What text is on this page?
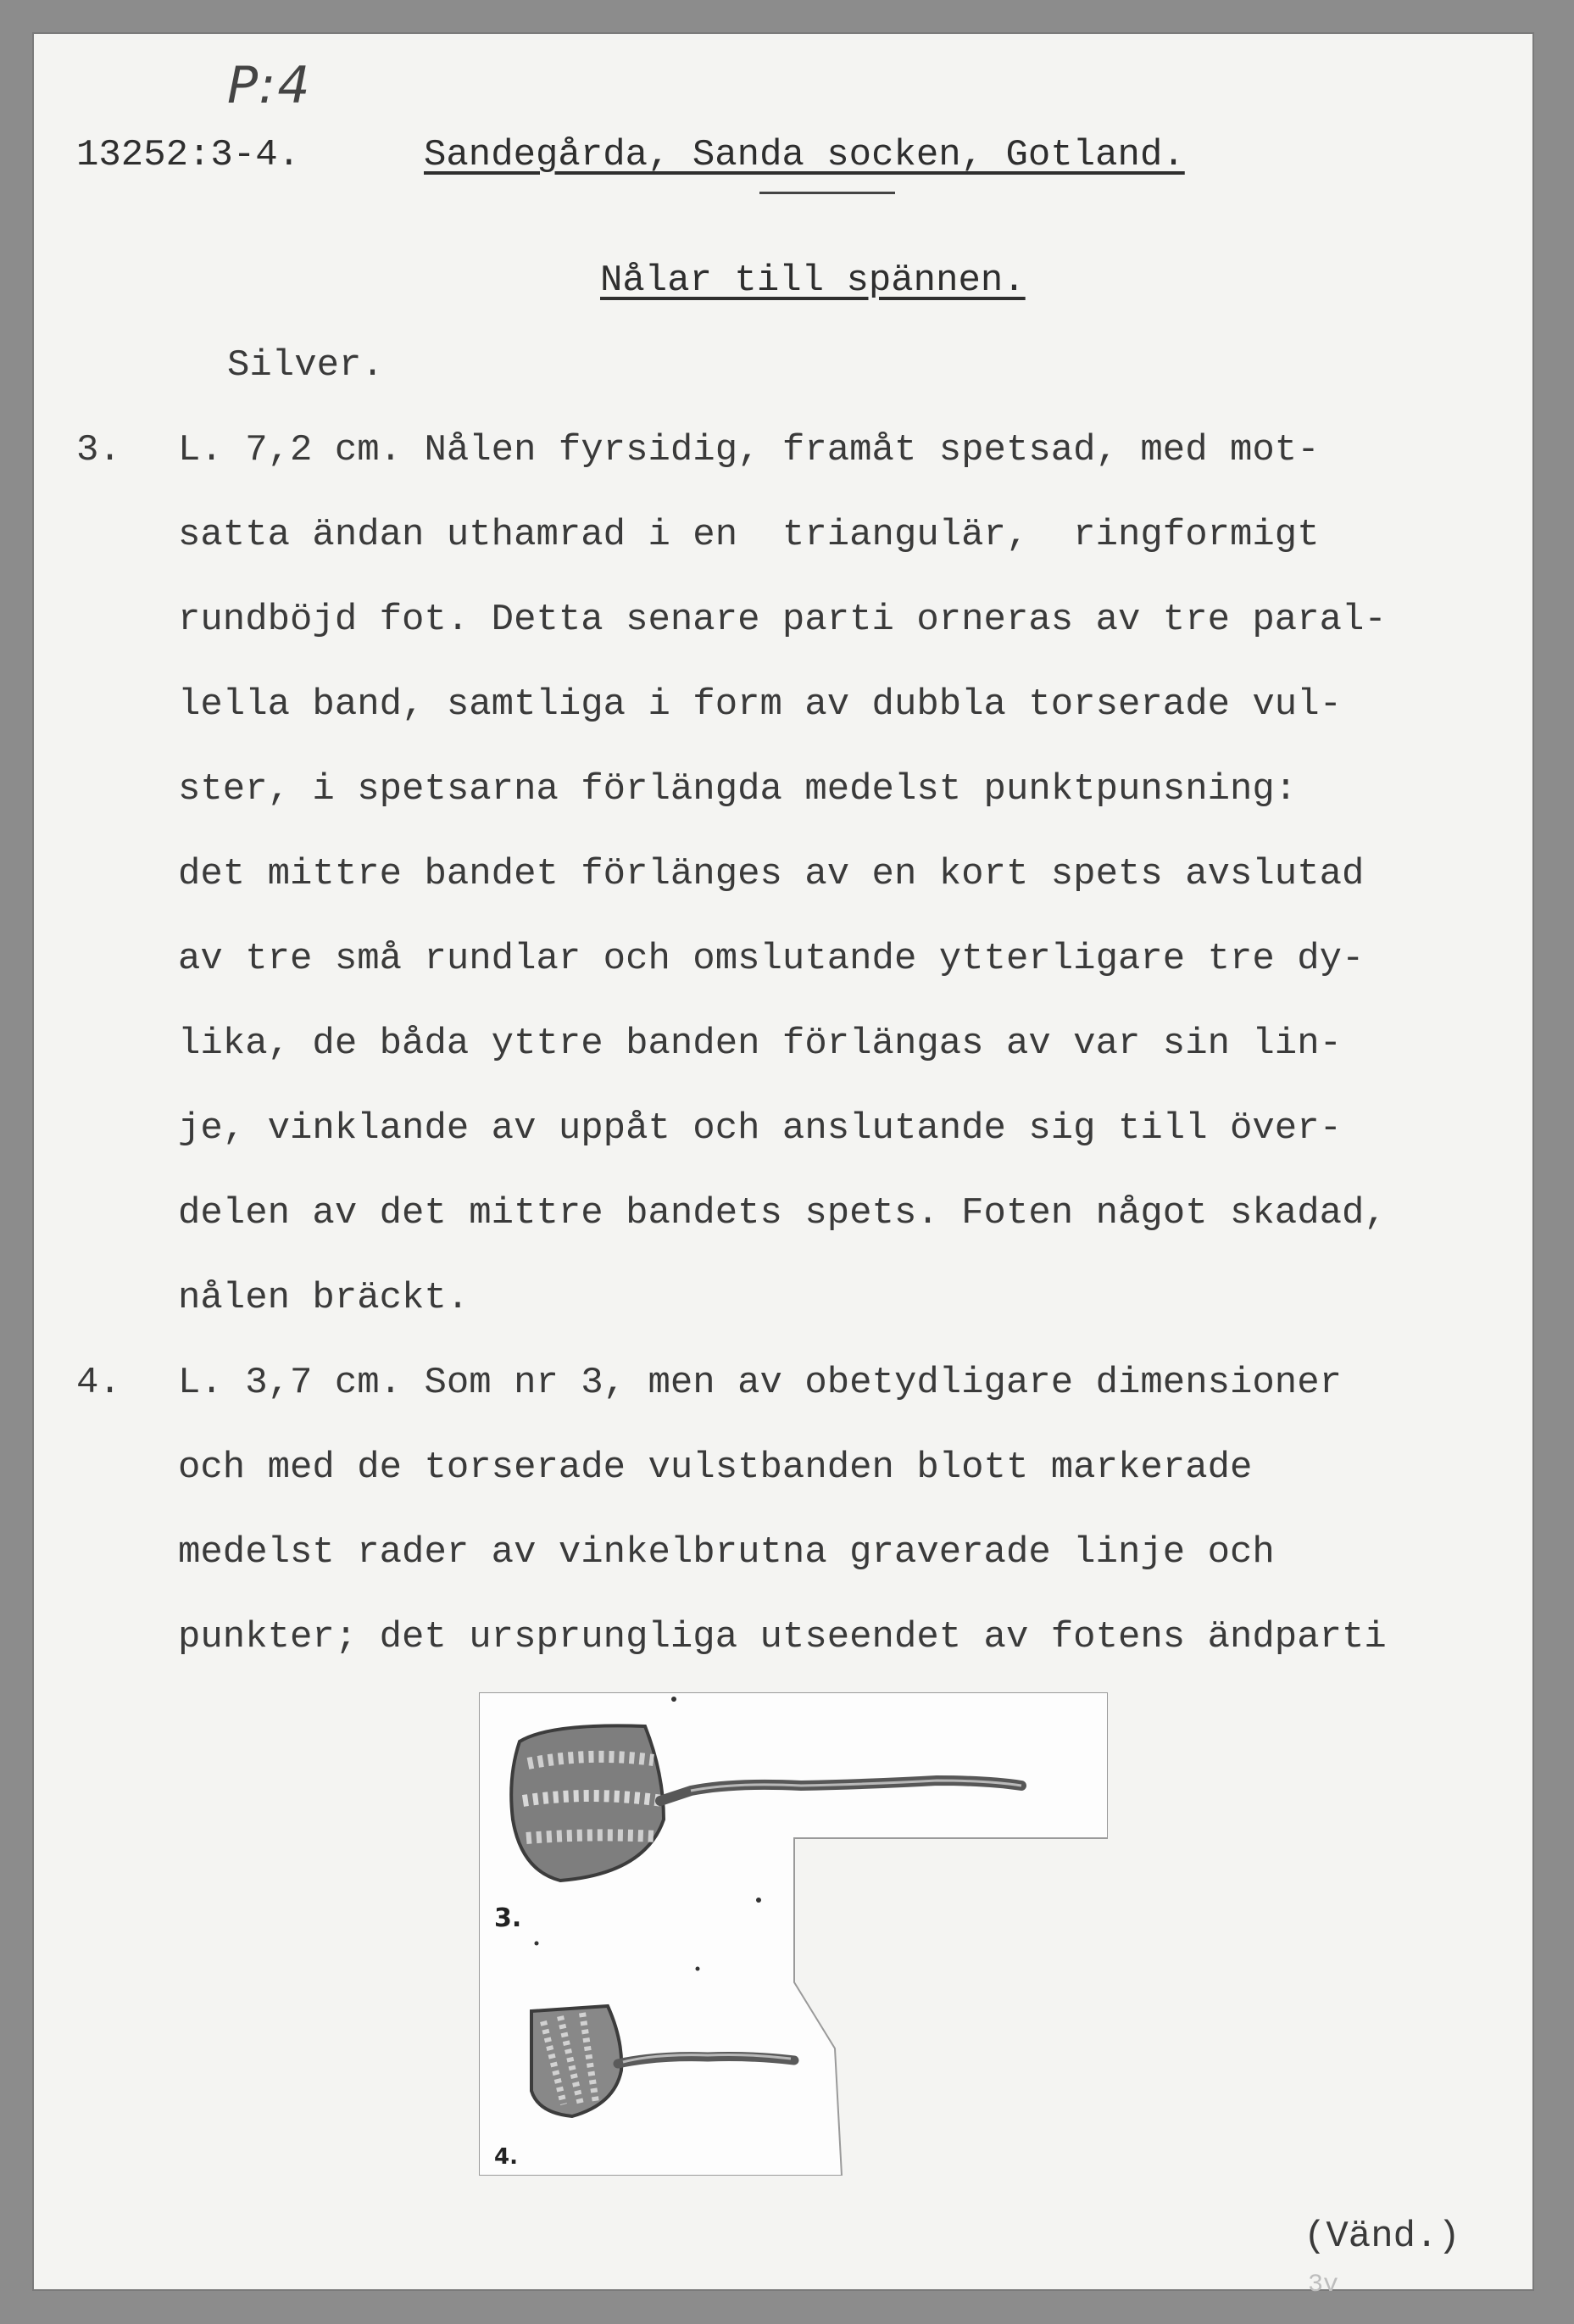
P:4
13252:3-4.	Sandegårda, Sanda socken, Gotland.
Nålar till spännen.
Silver.
3. L. 7,2 cm. Nålen fyrsidig, framåt spetsad, med mot-
satta ändan uthamrad i en  triangulär,  ringformigt
rundböjd fot. Detta senare parti orneras av tre paral-
lella band, samtliga i form av dubbla torserade vul-
ster, i spetsarna förlängda medelst punktpunsning:
det mittre bandet förlänges av en kort spets avslutad
av tre små rundlar och omslutande ytterligare tre dy-
lika, de båda yttre banden förlängas av var sin lin-
je, vinklande av uppåt och anslutande sig till över-
delen av det mittre bandets spets. Foten något skadad,
nålen bräckt.
4. L. 3,7 cm. Som nr 3, men av obetydligare dimensioner
och med de torserade vulstbanden blott markerade
medelst rader av vinkelbrutna graverade linje och
punkter; det ursprungliga utseendet av fotens ändparti
3.
4.
(Vänd.)
3v
